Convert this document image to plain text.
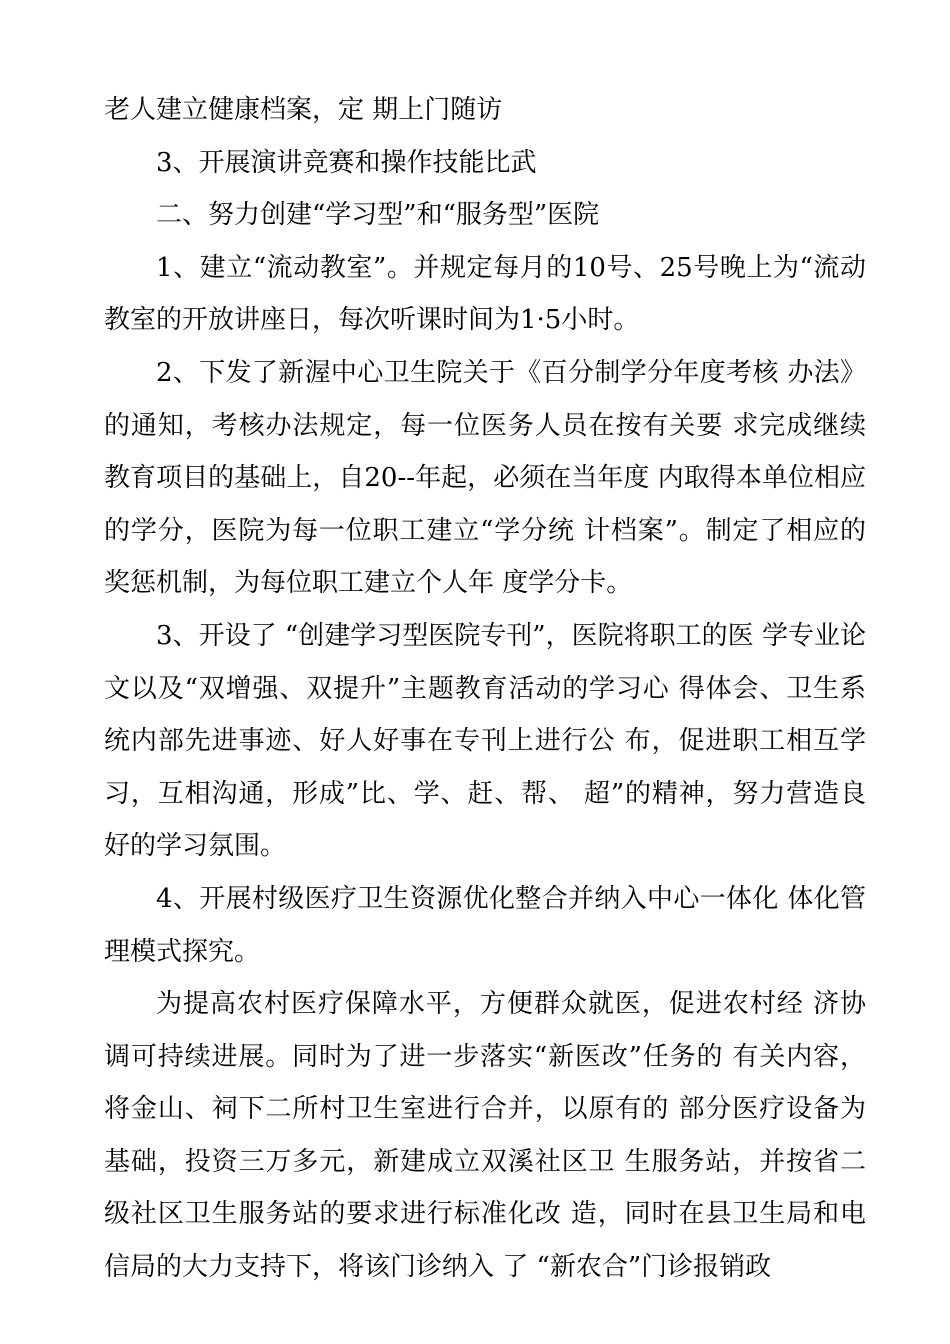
老人建立健康档案，定 期上门随访

3、开展演讲竞赛和操作技能比武

二、努力创建“学习型”和“服务型”医院

1、建立“流动教室”。并规定每月的10号、25号晚上为“流动教室的开放讲座日，每次听课时间为1·5小时。

2、下发了新渥中心卫生院关于《百分制学分年度考核 办法》的通知，考核办法规定，每一位医务人员在按有关要 求完成继续教育项目的基础上，自20--年起，必须在当年度 内取得本单位相应的学分，医院为每一位职工建立“学分统 计档案”。制定了相应的奖惩机制，为每位职工建立个人年 度学分卡。

3、开设了 “创建学习型医院专刊”，医院将职工的医 学专业论文以及“双增强、双提升”主题教育活动的学习心 得体会、卫生系统内部先进事迹、好人好事在专刊上进行公 布，促进职工相互学习，互相沟通，形成”比、学、赶、帮、 超”的精神，努力营造良好的学习氛围。

4、开展村级医疗卫生资源优化整合并纳入中心一体化 体化管理模式探究。

为提高农村医疗保障水平，方便群众就医，促进农村经 济协调可持续进展。同时为了进一步落实“新医改”任务的 有关内容，将金山、祠下二所村卫生室进行合并，以原有的 部分医疗设备为基础，投资三万多元，新建成立双溪社区卫 生服务站，并按省二级社区卫生服务站的要求进行标准化改 造，同时在县卫生局和电信局的大力支持下，将该门诊纳入 了 “新农合”门诊报销政
